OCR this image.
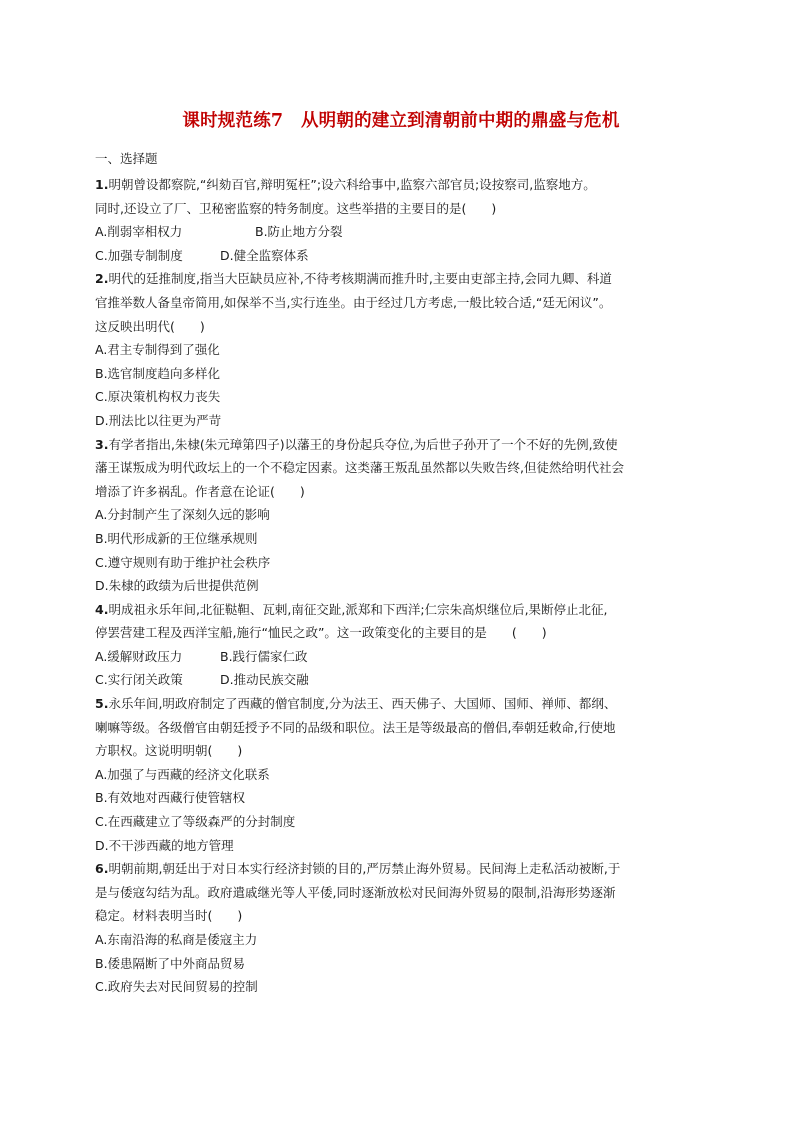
课时规范练7　从明朝的建立到清朝前中期的鼎盛与危机
一、选择题
1.明朝曾设都察院,“纠劾百官,辩明冤枉”;设六科给事中,监察六部官员;设按察司,监察地方。
同时,还设立了厂、卫秘密监察的特务制度。这些举措的主要目的是(　　)
A.削弱宰相权力	B.防止地方分裂
C.加强专制制度	D.健全监察体系
2.明代的廷推制度,指当大臣缺员应补,不待考核期满而推升时,主要由吏部主持,会同九卿、科道
官推举数人备皇帝简用,如保举不当,实行连坐。由于经过几方考虑,一般比较合适,“廷无闲议”。
这反映出明代(　　)
A.君主专制得到了强化
B.选官制度趋向多样化
C.原决策机构权力丧失
D.刑法比以往更为严苛
3.有学者指出,朱棣(朱元璋第四子)以藩王的身份起兵夺位,为后世子孙开了一个不好的先例,致使
藩王谋叛成为明代政坛上的一个不稳定因素。这类藩王叛乱虽然都以失败告终,但徒然给明代社会
增添了许多祸乱。作者意在论证(　　)
A.分封制产生了深刻久远的影响
B.明代形成新的王位继承规则
C.遵守规则有助于维护社会秩序
D.朱棣的政绩为后世提供范例
4.明成祖永乐年间,北征鞑靼、瓦剌,南征交趾,派郑和下西洋;仁宗朱高炽继位后,果断停止北征,
停罢营建工程及西洋宝船,施行“恤民之政”。这一政策变化的主要目的是　　(　　)
A.缓解财政压力	B.践行儒家仁政
C.实行闭关政策	D.推动民族交融
5.永乐年间,明政府制定了西藏的僧官制度,分为法王、西天佛子、大国师、国师、禅师、都纲、
喇嘛等级。各级僧官由朝廷授予不同的品级和职位。法王是等级最高的僧侣,奉朝廷敕命,行使地
方职权。这说明明朝(　　)
A.加强了与西藏的经济文化联系
B.有效地对西藏行使管辖权
C.在西藏建立了等级森严的分封制度
D.不干涉西藏的地方管理
6.明朝前期,朝廷出于对日本实行经济封锁的目的,严厉禁止海外贸易。民间海上走私活动被断,于
是与倭寇勾结为乱。政府遣戚继光等人平倭,同时逐渐放松对民间海外贸易的限制,沿海形势逐渐
稳定。材料表明当时(　　)
A.东南沿海的私商是倭寇主力
B.倭患隔断了中外商品贸易
C.政府失去对民间贸易的控制
